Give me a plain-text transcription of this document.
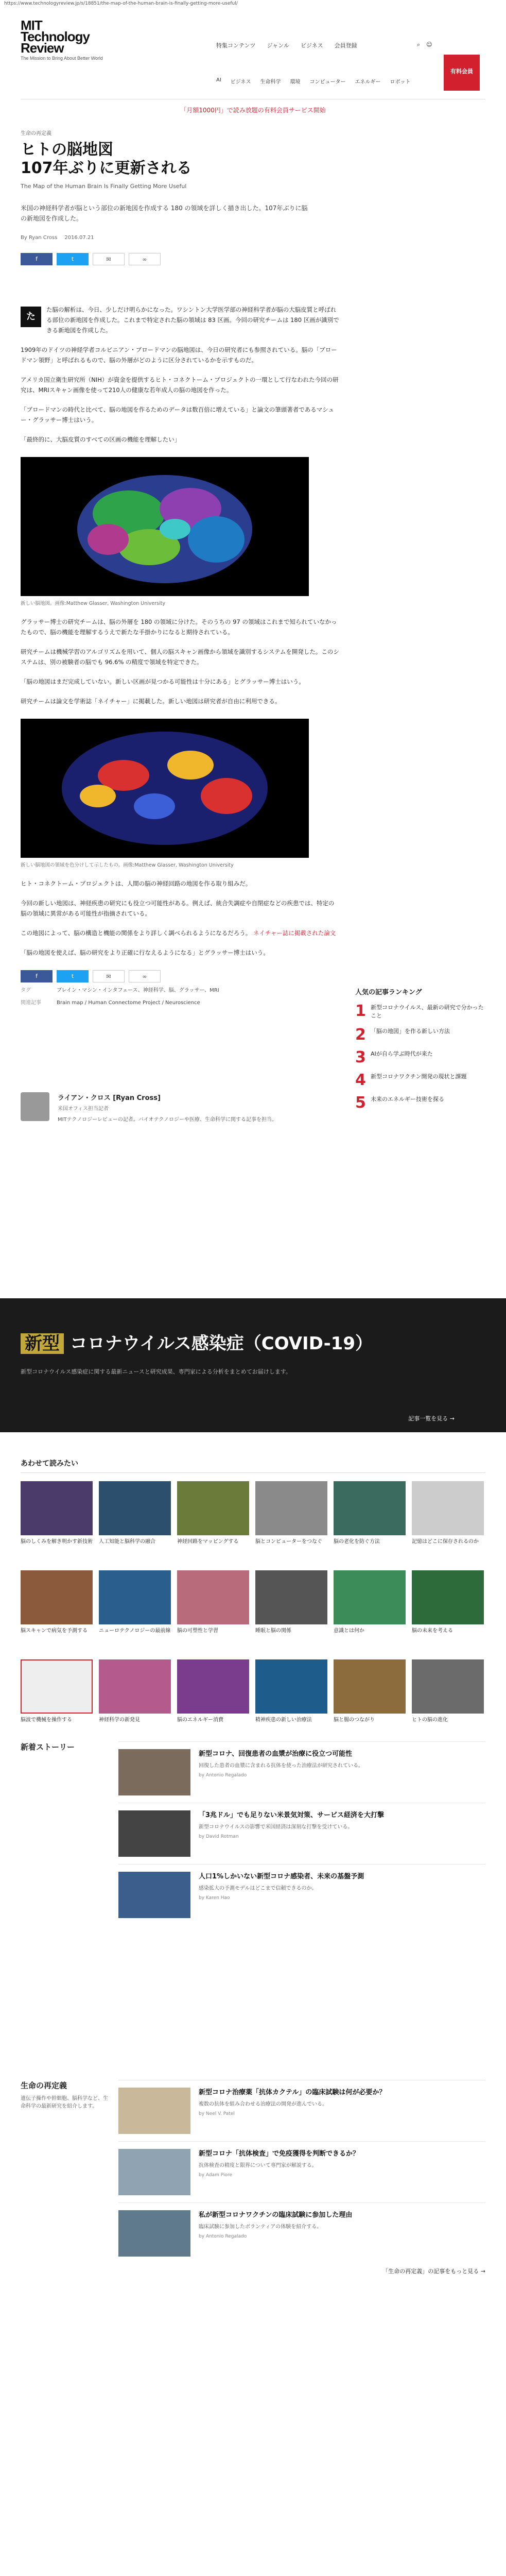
https://www.technologyreview.jp/s/18851/the-map-of-the-human-brain-is-finally-getting-more-useful/
MIT
Technology
Review
The Mission to Bring About Better World
特集コンテンツ ジャンル ビジネス 会員登録	⌕ ☺
有料会員
AI ビジネス 生命科学 環境 コンピューター エネルギー ロボット
「月額1000円」で読み放題の有料会員サービス開始
生命の再定義
ヒトの脳地図
107年ぶりに更新される
The Map of the Human Brain Is Finally Getting More Useful
米国の神経科学者が脳という部位の新地図を作成する 180 の領域を詳しく描き出した。107年ぶりに脳の新地図を作成した。
By Ryan Cross 2016.07.21
f	t	✉	∞
た
た脳の解析は、今日、少しだけ明らかになった。ワシントン大学医学部の神経科学者が脳の大脳皮質と呼ばれる部位の新地図を作成した。これまで特定された脳の領域は 83 区画。今回の研究チームは 180 区画が識別できる新地図を作成した。

1909年のドイツの神経学者コルビニアン・ブロードマンの脳地図は、今日の研究者にも参照されている。脳の「ブロードマン領野」と呼ばれるもので、脳の外層がどのように区分されているかを示すものだ。

アメリカ国立衛生研究所（NIH）が資金を提供するヒト・コネクトーム・プロジェクトの一環として行なわれた今回の研究は、MRIスキャン画像を使って210人の健康な若年成人の脳の地図を作った。

「ブロードマンの時代と比べて、脳の地図を作るためのデータは数百倍に増えている」と論文の筆頭著者であるマシュー・グラッサー博士はいう。

「最終的に、大脳皮質のすべての区画の機能を理解したい」

新しい脳地図。画像:Matthew Glasser, Washington University

グラッサー博士の研究チームは、脳の外層を 180 の領域に分けた。そのうちの 97 の領域はこれまで知られていなかったもので、脳の機能を理解するうえで新たな手掛かりになると期待されている。

研究チームは機械学習のアルゴリズムを用いて、個人の脳スキャン画像から領域を識別するシステムを開発した。このシステムは、別の被験者の脳でも 96.6% の精度で領域を特定できた。

「脳の地図はまだ完成していない。新しい区画が見つかる可能性は十分にある」とグラッサー博士はいう。

研究チームは論文を学術誌「ネイチャー」に掲載した。新しい地図は研究者が自由に利用できる。

新しい脳地図の領域を色分けして示したもの。画像:Matthew Glasser, Washington University

ヒト・コネクトーム・プロジェクトは、人間の脳の神経回路の地図を作る取り組みだ。

今回の新しい地図は、神経疾患の研究にも役立つ可能性がある。例えば、統合失調症や自閉症などの疾患では、特定の脳の領域に異常がある可能性が指摘されている。

この地図によって、脳の構造と機能の関係をより詳しく調べられるようになるだろう。 ネイチャー誌に掲載された論文

「脳の地図を使えば、脳の研究をより正確に行なえるようになる」とグラッサー博士はいう。

f	t	✉	∞
タグ	ブレイン・マシン・インタフェース、神経科学、脳、グラッサー、MRI
関連記事	Brain map / Human Connectome Project / Neuroscience
ライアン・クロス [Ryan Cross]
米国オフィス担当記者
MITテクノロジーレビューの記者。バイオテクノロジーや医療、生命科学に関する記事を担当。
人気の記事ランキング
1 新型コロナウイルス、最新の研究で分かったこと
2 「脳の地図」を作る新しい方法
3 AIが自ら学ぶ時代が来た
4 新型コロナワクチン開発の現状と課題
5 未来のエネルギー技術を探る
新型 コロナウイルス感染症（COVID-19）
新型コロナウイルス感染症に関する最新ニュースと研究成果、専門家による分析をまとめてお届けします。
記事一覧を見る →
あわせて読みたい
脳のしくみを解き明かす新技術 人工知能と脳科学の融合	神経回路をマッピングする	脳とコンピューターをつなぐ	脳の老化を防ぐ方法	記憶はどこに保存されるのか
脳スキャンで病気を予測する	ニューロテクノロジーの最前線 脳の可塑性と学習	睡眠と脳の関係	意識とは何か	脳の未来を考える
脳波で機械を操作する	神経科学の新発見	脳のエネルギー消費	精神疾患の新しい治療法	脳と腸のつながり	ヒトの脳の進化
新着ストーリー
新型コロナ、回復患者の血漿が治療に役立つ可能性
回復した患者の血漿に含まれる抗体を使った治療法が研究されている。
by Antonio Regalado
「3兆ドル」でも足りない米景気対策、サービス経済を大打撃
新型コロナウイルスの影響で米国経済は深刻な打撃を受けている。
by David Rotman
人口1%しかいない新型コロナ感染者、未来の基盤予測
感染拡大の予測モデルはどこまで信頼できるのか。
by Karen Hao
生命の再定義
遺伝子操作や幹細胞、脳科学など、生命科学の最新研究を紹介します。
新型コロナ治療薬「抗体カクテル」の臨床試験は何が必要か？
複数の抗体を組み合わせる治療法の開発が進んでいる。
by Neel V. Patel
新型コロナ「抗体検査」で免疫獲得を判断できるか？
抗体検査の精度と限界について専門家が解説する。
by Adam Piore
私が新型コロナワクチンの臨床試験に参加した理由
臨床試験に参加したボランティアの体験を紹介する。
by Antonio Regalado
「生命の再定義」の記事をもっと見る →
